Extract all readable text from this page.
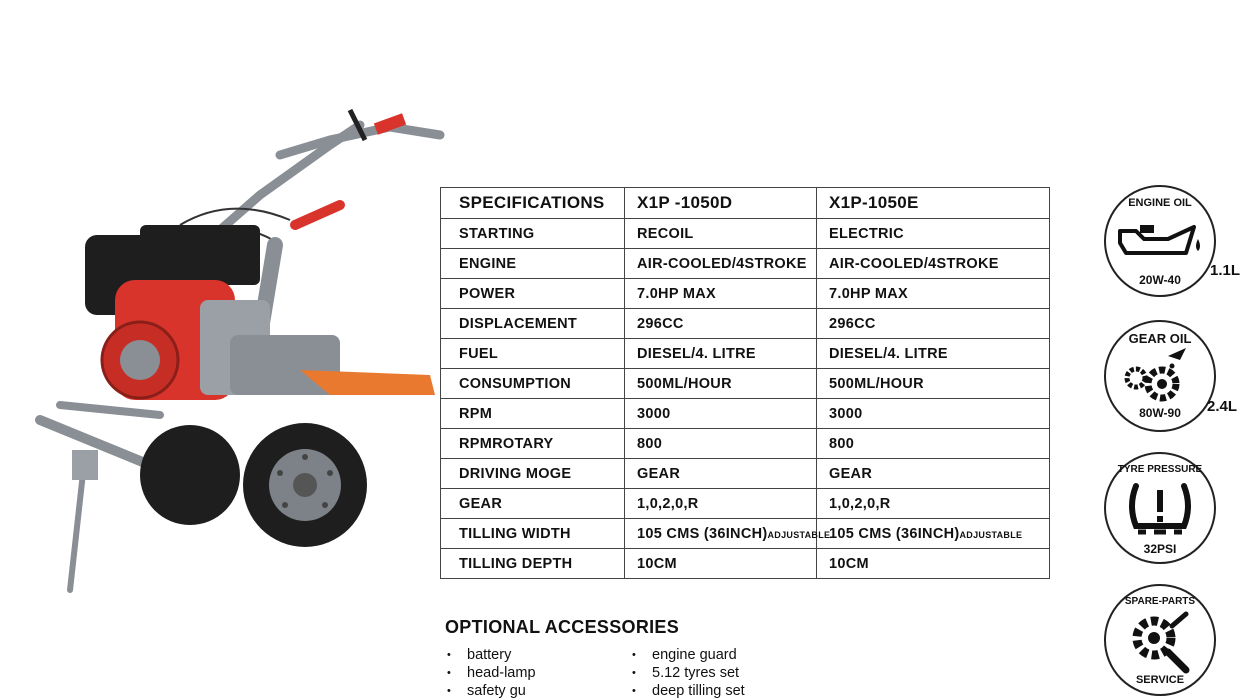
SPECIFICATIONS	X1P -1050D	X1P-1050E
STARTING	RECOIL	ELECTRIC
ENGINE	AIR-COOLED/4STROKE	AIR-COOLED/4STROKE
POWER	7.0HP MAX	7.0HP MAX
DISPLACEMENT	296CC	296CC
FUEL	DIESEL/4. LITRE	DIESEL/4. LITRE
CONSUMPTION	500ML/HOUR	500ML/HOUR
RPM	3000	3000
RPMROTARY	800	800
DRIVING MOGE	GEAR	GEAR
GEAR	1,0,2,0,R	1,0,2,0,R
TILLING WIDTH	105 CMS (36INCH)ADJUSTABLE	105 CMS (36INCH)ADJUSTABLE
TILLING DEPTH	10CM	10CM
OPTIONAL ACCESSORIES
• battery
• head-lamp
• safety gu
• engine guard
• 5.12 tyres set
• deep tilling set
ENGINE OIL
20W-40
1.1L
GEAR OIL
80W-90	2.4L
TYRE PRESSURE
32PSI
SPARE-PARTS
SERVICE
